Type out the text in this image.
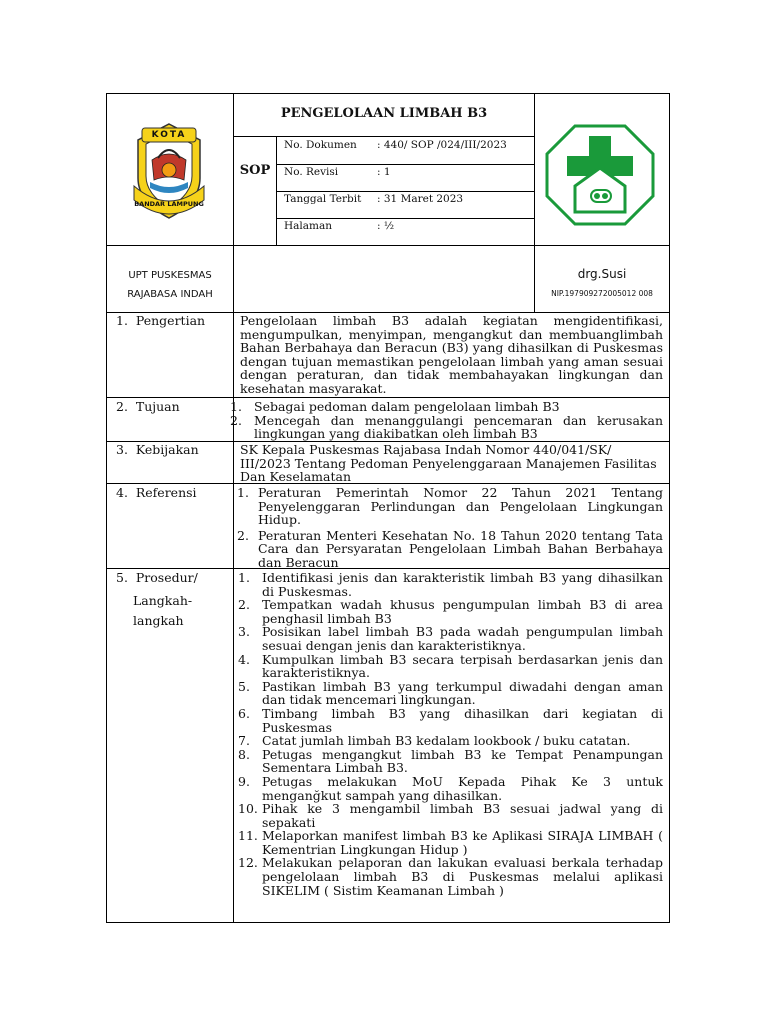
KOTA
BANDAR LAMPUNG
PENGELOLAAN LIMBAH B3
SOP
No. Dokumen : 440/ SOP /024/III/2023
No. Revisi	: 1
Tanggal Terbit : 31 Maret 2023
Halaman	: ½
UPT PUSKESMAS
RAJABASA INDAH
drg.Susi
NIP.197909272005012 008
1.  Pengertian	Pengelolaan limbah B3 adalah kegiatan mengidentifikasi, mengumpulkan, menyimpan, mengangkut dan membuanglimbah Bahan Berbahaya dan Beracun (B3) yang dihasilkan di Puskesmas dengan tujuan memastikan pengelolaan limbah yang aman sesuai dengan peraturan, dan tidak membahayakan lingkungan dan kesehatan masyarakat.
2.  Tujuan	1. Sebagai pedoman dalam pengelolaan limbah B3
2. Mencegah dan menanggulangi pencemaran dan kerusakan lingkungan yang diakibatkan oleh limbah B3
3.  Kebijakan	SK Kepala Puskesmas Rajabasa Indah Nomor 440/041/SK/ III/2023 Tentang Pedoman Penyelenggaraan Manajemen Fasilitas Dan Keselamatan
4.  Referensi	1. Peraturan Pemerintah Nomor 22 Tahun 2021 Tentang Penyelenggaran Perlindungan dan Pengelolaan Lingkungan Hidup.
2. Peraturan Menteri Kesehatan No. 18 Tahun 2020 tentang Tata Cara dan Persyaratan Pengelolaan Limbah Bahan Berbahaya dan Beracun
5.  Prosedur/
Langkah-
langkah
1. Identifikasi jenis dan karakteristik limbah B3 yang dihasilkan di Puskesmas.
2. Tempatkan wadah khusus pengumpulan limbah B3 di area penghasil limbah B3
3. Posisikan label limbah B3 pada wadah pengumpulan limbah sesuai dengan jenis dan karakteristiknya.
4. Kumpulkan limbah B3 secara terpisah berdasarkan jenis dan karakteristiknya.
5. Pastikan limbah B3 yang terkumpul diwadahi dengan aman dan tidak mencemari lingkungan.
6. Timbang limbah B3 yang dihasilkan dari kegiatan di Puskesmas
7. Catat jumlah limbah B3 kedalam lookbook / buku catatan.
8. Petugas mengangkut limbah B3 ke Tempat Penampungan Sementara Limbah B3.
9. Petugas melakukan MoU Kepada Pihak Ke 3 untuk menganğkut sampah yang dihasilkan.
10. Pihak ke 3 mengambil limbah B3 sesuai jadwal yang di sepakati
11. Melaporkan manifest limbah B3 ke Aplikasi SIRAJA LIMBAH ( Kementrian Lingkungan Hidup )
12. Melakukan pelaporan dan lakukan evaluasi berkala terhadap pengelolaan limbah B3 di Puskesmas melalui aplikasi SIKELIM ( Sistim Keamanan Limbah )
